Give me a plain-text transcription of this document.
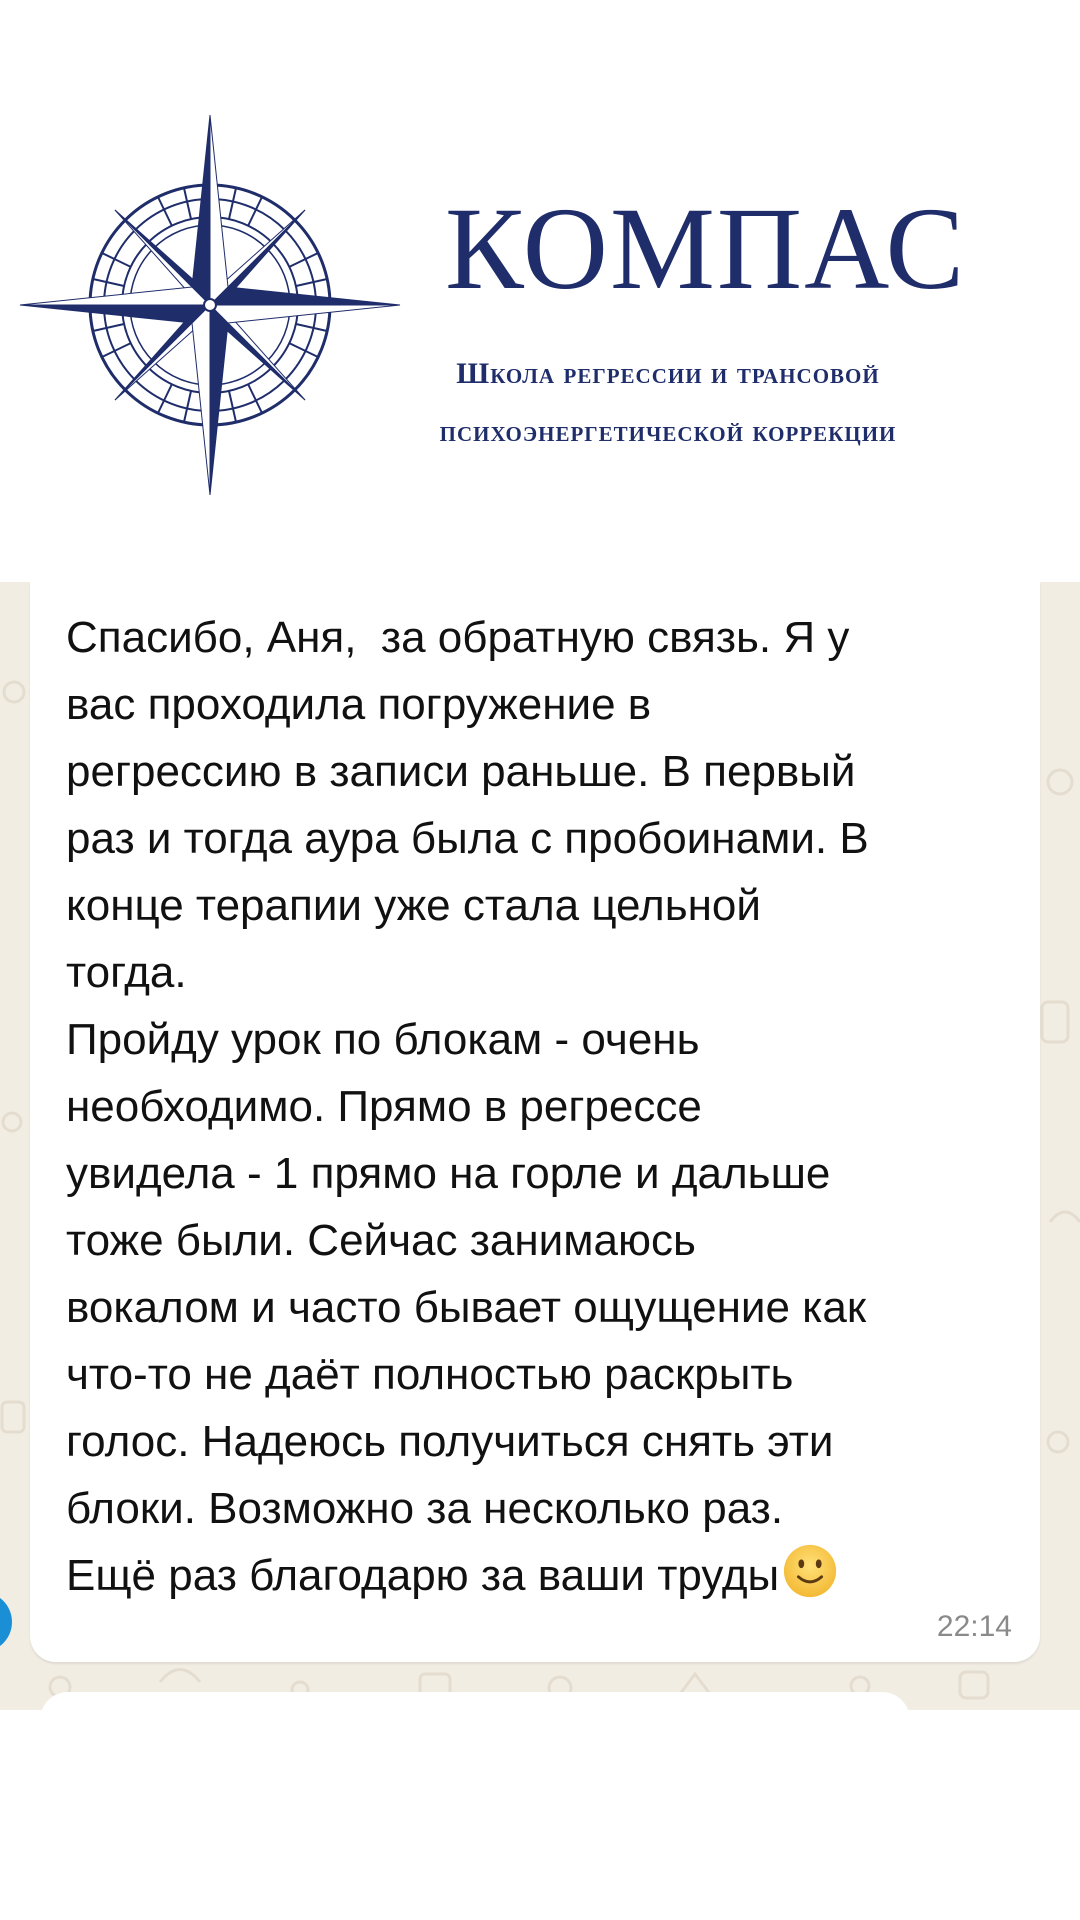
КОМПАС
Школа регрессии и трансовой
психоэнергетической коррекции

Спасибо, Аня,  за обратную связь. Я у
вас проходила погружение в
регрессию в записи раньше. В первый
раз и тогда аура была с пробоинами. В
конце терапии уже стала цельной
тогда.
Пройду урок по блокам - очень
необходимо. Прямо в регрессе
увидела - 1 прямо на горле и дальше
тоже были. Сейчас занимаюсь
вокалом и часто бывает ощущение как
что-то не даёт полностью раскрыть
голос. Надеюсь получиться снять эти
блоки. Возможно за несколько раз.
Ещё раз благодарю за ваши труды

22:14
